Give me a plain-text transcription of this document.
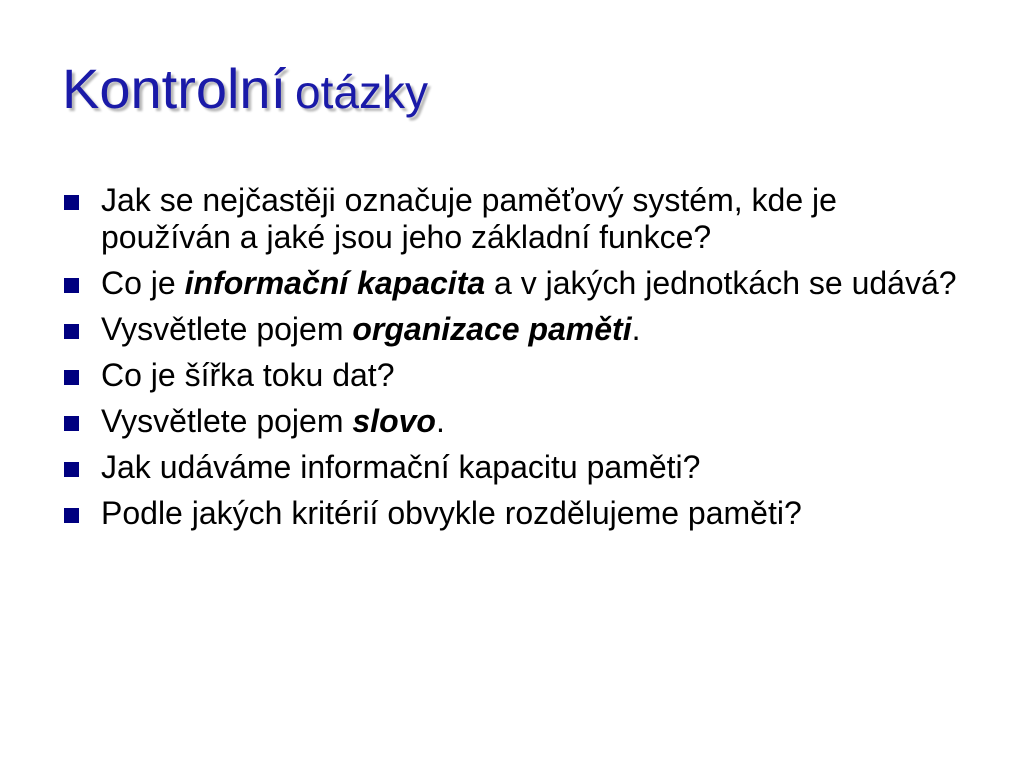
Kontrolní otázky
Jak se nejčastěji označuje paměťový systém, kde je používán a jaké jsou jeho základní funkce?
Co je informační kapacita a v jakých jednotkách se udává?
Vysvětlete pojem organizace paměti.
Co je šířka toku dat?
Vysvětlete pojem slovo.
Jak udáváme informační kapacitu paměti?
Podle jakých kritérií obvykle rozdělujeme paměti?
